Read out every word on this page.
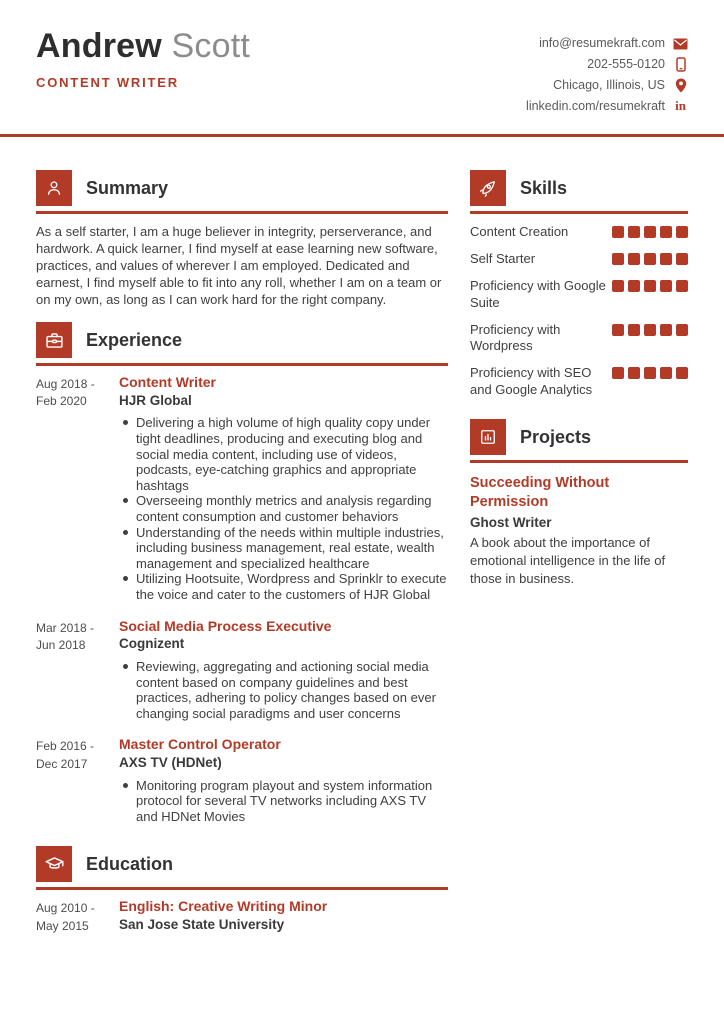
Andrew Scott
CONTENT WRITER
info@resumekraft.com
202-555-0120
Chicago, Illinois, US
linkedin.com/resumekraft in
Summary

As a self starter, I am a huge believer in integrity, perserverance, and hardwork. A quick learner, I find myself at ease learning new software, practices, and values of wherever I am employed. Dedicated and earnest, I find myself able to fit into any roll, whether I am on a team or on my own, as long as I can work hard for the right company.

Experience
Aug 2018 -
Feb 2020
Content Writer
HJR Global
Delivering a high volume of high quality copy under tight deadlines, producing and executing blog and social media content, including use of videos, podcasts, eye-catching graphics and appropriate hashtags
Overseeing monthly metrics and analysis regarding content consumption and customer behaviors
Understanding of the needs within multiple industries, including business management, real estate, wealth management and specialized healthcare
Utilizing Hootsuite, Wordpress and Sprinklr to execute the voice and cater to the customers of HJR Global
Mar 2018 -
Jun 2018
Social Media Process Executive
Cognizent
Reviewing, aggregating and actioning social media content based on company guidelines and best practices, adhering to policy changes based on ever changing social paradigms and user concerns
Feb 2016 -
Dec 2017
Master Control Operator
AXS TV (HDNet)
Monitoring program playout and system information protocol for several TV networks including AXS TV and HDNet Movies
Education
Aug 2010 -
May 2015
English: Creative Writing Minor
San Jose State University
Skills
Content Creation
Self Starter
Proficiency with Google Suite
Proficiency with Wordpress
Proficiency with SEO and Google Analytics
Projects
Succeeding Without Permission
Ghost Writer

A book about the importance of emotional intelligence in the life of those in business.
